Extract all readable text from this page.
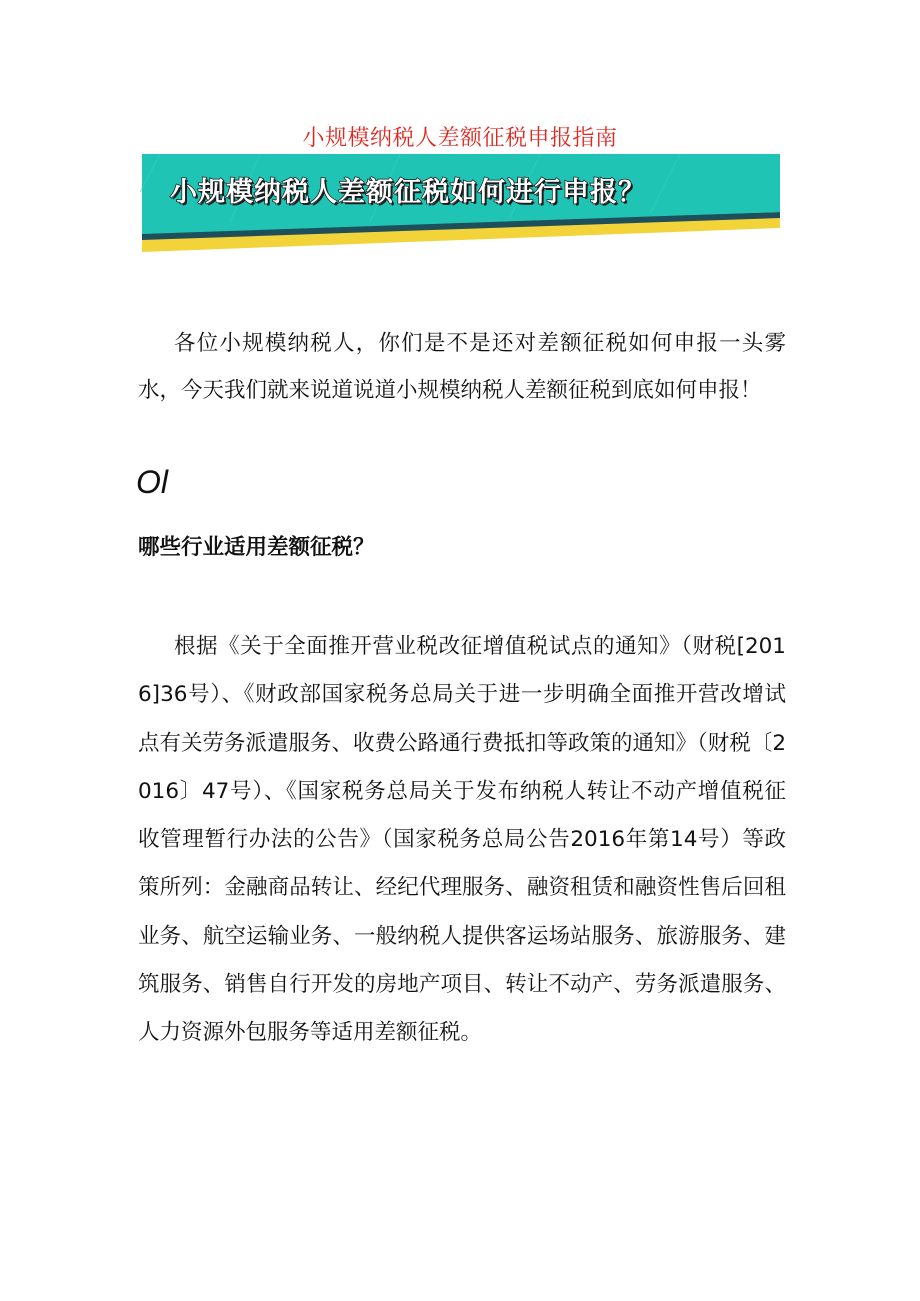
小规模纳税人差额征税申报指南
小规模纳税人差额征税如何进行申报？

各位小规模纳税人，你们是不是还对差额征税如何申报一头雾水，今天我们就来说道说道小规模纳税人差额征税到底如何申报！

Ol
哪些行业适用差额征税？

根据《关于全面推开营业税改征增值税试点的通知》（财税[2016]36号）、《财政部国家税务总局关于进一步明确全面推开营改增试点有关劳务派遣服务、收费公路通行费抵扣等政策的通知》（财税〔2016〕47号）、《国家税务总局关于发布纳税人转让不动产增值税征收管理暂行办法的公告》（国家税务总局公告2016年第14号）等政策所列：金融商品转让、经纪代理服务、融资租赁和融资性售后回租业务、航空运输业务、一般纳税人提供客运场站服务、旅游服务、建筑服务、销售自行开发的房地产项目、转让不动产、劳务派遣服务、人力资源外包服务等适用差额征税。
